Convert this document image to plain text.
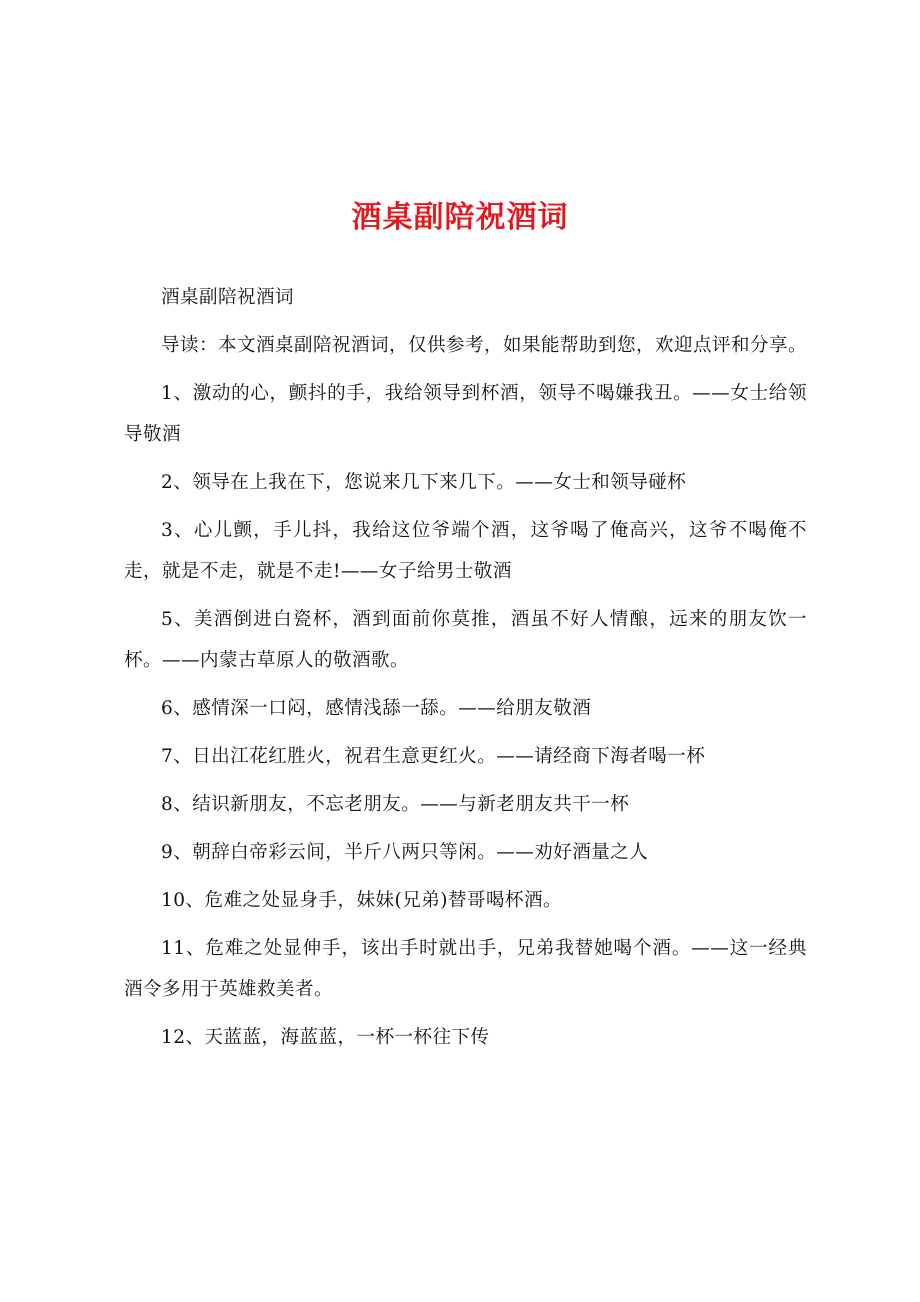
酒桌副陪祝酒词

酒桌副陪祝酒词

导读：本文酒桌副陪祝酒词，仅供参考，如果能帮助到您，欢迎点评和分享。

1、激动的心，颤抖的手，我给领导到杯酒，领导不喝嫌我丑。——女士给领导敬酒

2、领导在上我在下，您说来几下来几下。——女士和领导碰杯

3、心儿颤，手儿抖，我给这位爷端个酒，这爷喝了俺高兴，这爷不喝俺不走，就是不走，就是不走!——女子给男士敬酒

5、美酒倒进白瓷杯，酒到面前你莫推，酒虽不好人情酿，远来的朋友饮一杯。——内蒙古草原人的敬酒歌。

6、感情深一口闷，感情浅舔一舔。——给朋友敬酒

7、日出江花红胜火，祝君生意更红火。——请经商下海者喝一杯

8、结识新朋友，不忘老朋友。——与新老朋友共干一杯

9、朝辞白帝彩云间，半斤八两只等闲。——劝好酒量之人

10、危难之处显身手，妹妹(兄弟)替哥喝杯酒。

11、危难之处显伸手，该出手时就出手，兄弟我替她喝个酒。——这一经典酒令多用于英雄救美者。

12、天蓝蓝，海蓝蓝，一杯一杯往下传
